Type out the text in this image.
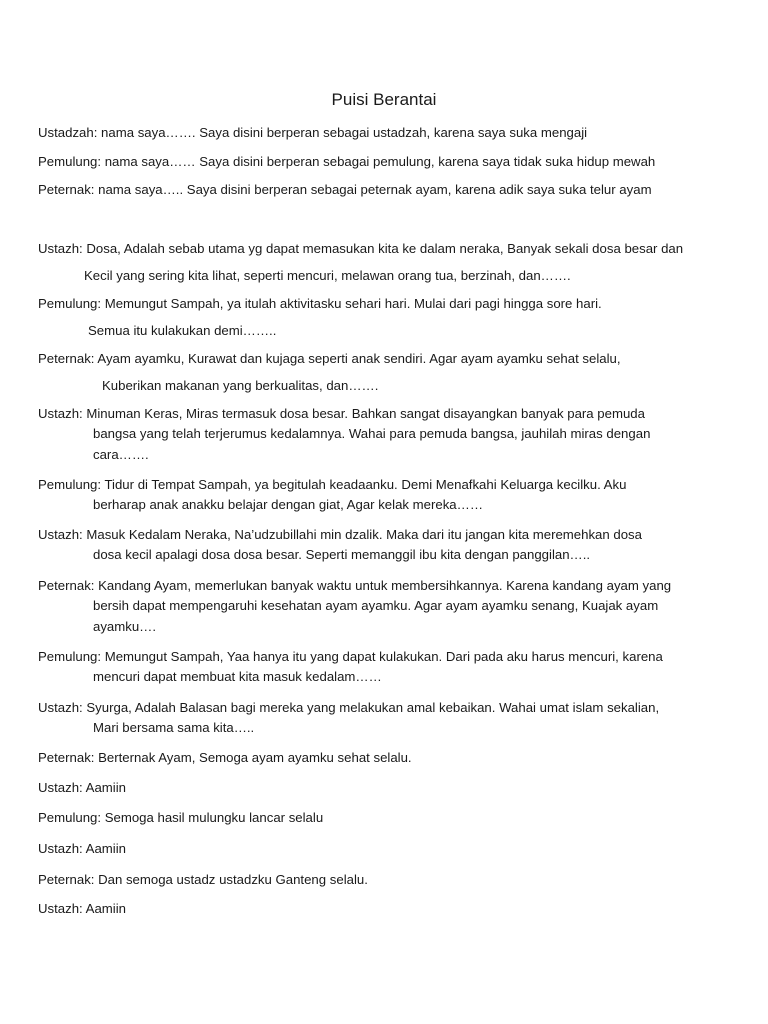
Puisi Berantai
Ustadzah: nama saya……. Saya disini berperan sebagai ustadzah, karena saya suka mengaji
Pemulung: nama saya…… Saya disini berperan sebagai pemulung, karena saya tidak suka hidup mewah
Peternak: nama saya….. Saya disini berperan sebagai peternak ayam, karena adik saya suka telur ayam
Ustazh: Dosa, Adalah sebab utama yg dapat memasukan kita ke dalam neraka, Banyak sekali dosa besar dan
Kecil yang sering kita lihat, seperti mencuri, melawan orang tua, berzinah, dan…….
Pemulung: Memungut Sampah, ya itulah aktivitasku sehari hari. Mulai dari pagi hingga sore hari.
Semua itu kulakukan demi……..
Peternak: Ayam ayamku, Kurawat dan kujaga seperti anak sendiri. Agar ayam ayamku sehat selalu,
Kuberikan makanan yang berkualitas, dan…….
Ustazh: Minuman Keras, Miras termasuk dosa besar. Bahkan sangat disayangkan banyak para pemuda
bangsa yang telah terjerumus kedalamnya. Wahai para pemuda bangsa, jauhilah miras dengan
cara…….
Pemulung: Tidur di Tempat Sampah, ya begitulah keadaanku. Demi Menafkahi Keluarga kecilku. Aku
berharap anak anakku belajar dengan giat, Agar kelak mereka……
Ustazh: Masuk Kedalam Neraka, Na’udzubillahi min dzalik. Maka dari itu jangan kita meremehkan dosa
dosa kecil apalagi dosa dosa besar. Seperti memanggil ibu kita dengan panggilan…..
Peternak: Kandang Ayam, memerlukan banyak waktu untuk membersihkannya. Karena kandang ayam yang
bersih dapat mempengaruhi kesehatan ayam ayamku. Agar ayam ayamku senang, Kuajak ayam
ayamku….
Pemulung: Memungut Sampah, Yaa hanya itu yang dapat kulakukan. Dari pada aku harus mencuri, karena
mencuri dapat membuat kita masuk kedalam……
Ustazh: Syurga, Adalah Balasan bagi mereka yang melakukan amal kebaikan. Wahai umat islam sekalian,
Mari bersama sama kita…..
Peternak: Berternak Ayam, Semoga ayam ayamku sehat selalu.
Ustazh: Aamiin
Pemulung: Semoga hasil mulungku lancar selalu
Ustazh: Aamiin
Peternak: Dan semoga ustadz ustadzku Ganteng selalu.
Ustazh: Aamiin
